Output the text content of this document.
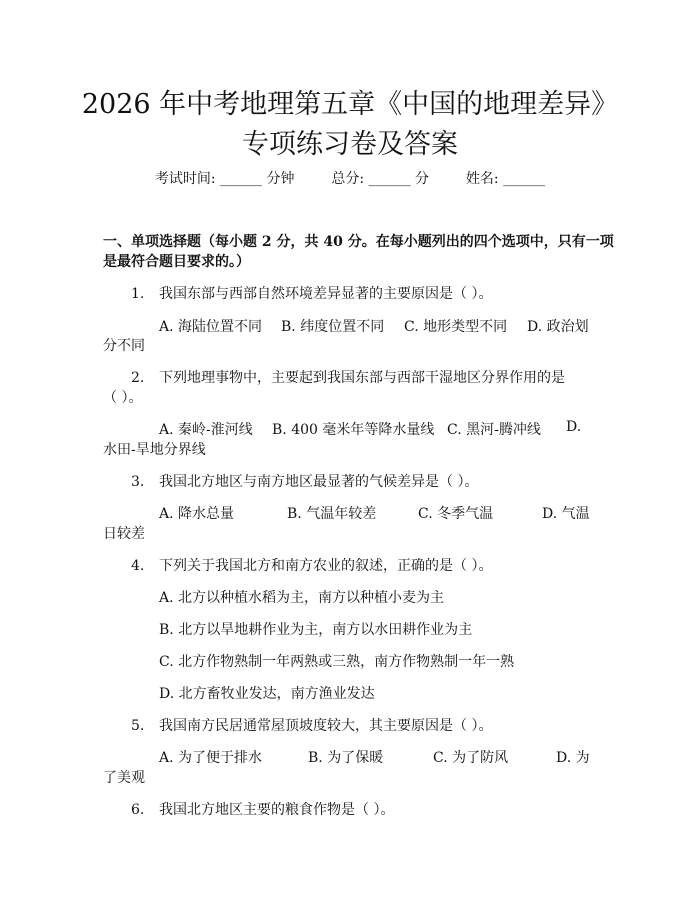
2026 年中考地理第五章《中国的地理差异》
专项练习卷及答案
考试时间: ______ 分钟	总分: ______ 分	姓名: ______
一、单项选择题（每小题 2 分，共 40 分。在每小题列出的四个选项中，只有一项
是最符合题目要求的。）
1. 我国东部与西部自然环境差异显著的主要原因是（ ）。
A. 海陆位置不同 B. 纬度位置不同 C. 地形类型不同 D. 政治划
分不同
2. 下列地理事物中，主要起到我国东部与西部干湿地区分界作用的是
（ ）。
A. 秦岭-淮河线 B. 400 毫米年等降水量线 C. 黑河-腾冲线 D.
水田-旱地分界线
3. 我国北方地区与南方地区最显著的气候差异是（ ）。
A. 降水总量	B. 气温年较差	C. 冬季气温	D. 气温
日较差
4. 下列关于我国北方和南方农业的叙述，正确的是（ ）。
A. 北方以种植水稻为主，南方以种植小麦为主
B. 北方以旱地耕作业为主，南方以水田耕作业为主
C. 北方作物熟制一年两熟或三熟，南方作物熟制一年一熟
D. 北方畜牧业发达，南方渔业发达
5. 我国南方民居通常屋顶坡度较大，其主要原因是（ ）。
A. 为了便于排水	B. 为了保暖	C. 为了防风	D. 为
了美观
6. 我国北方地区主要的粮食作物是（ ）。
